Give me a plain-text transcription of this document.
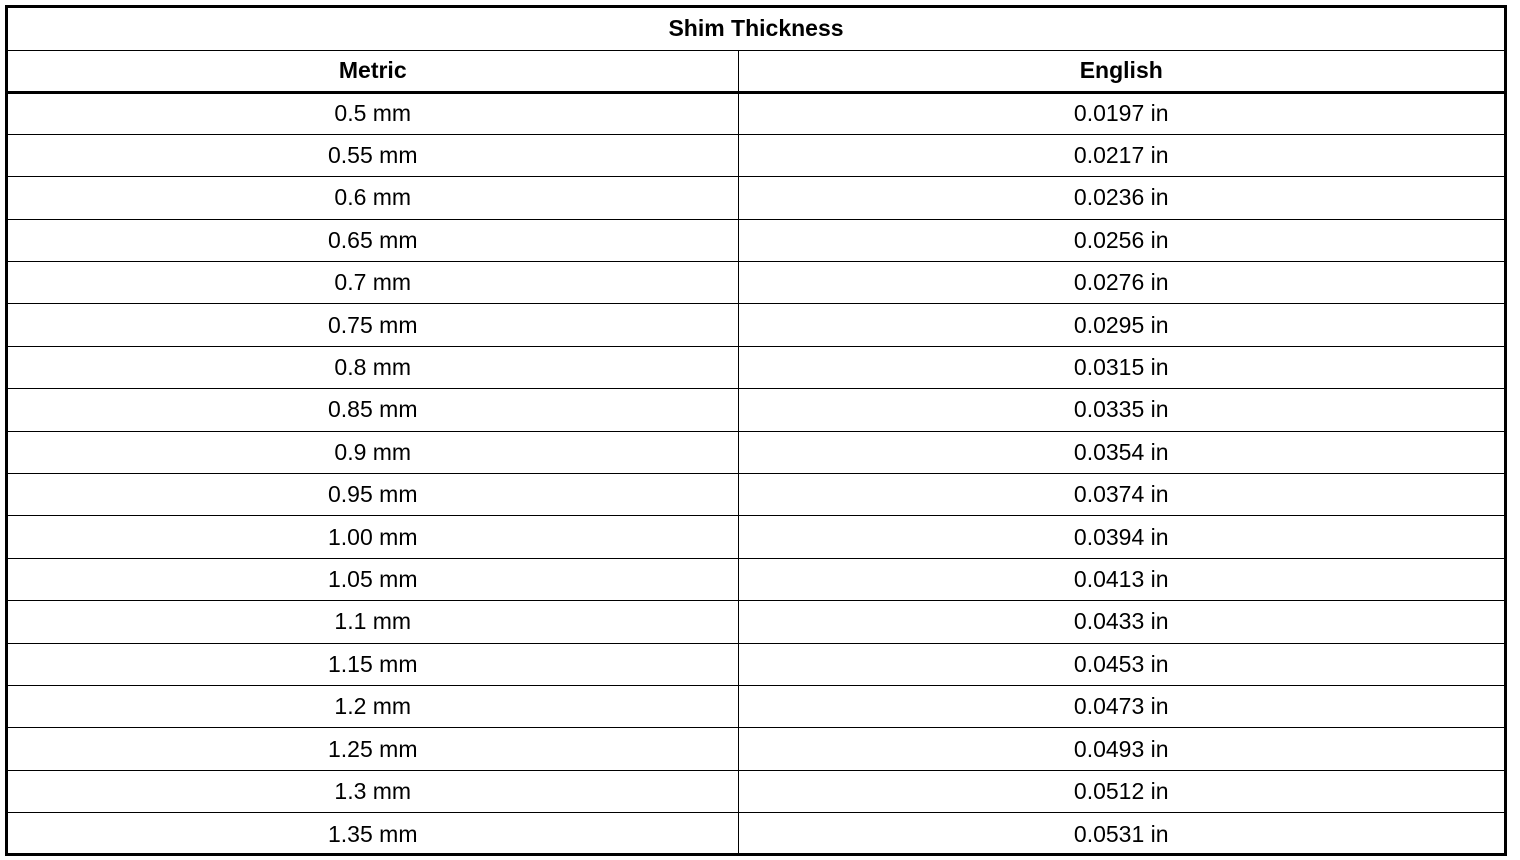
Shim Thickness	
Metric	English
0.5 mm	0.0197 in
0.55 mm	0.0217 in
0.6 mm	0.0236 in
0.65 mm	0.0256 in
0.7 mm	0.0276 in
0.75 mm	0.0295 in
0.8 mm	0.0315 in
0.85 mm	0.0335 in
0.9 mm	0.0354 in
0.95 mm	0.0374 in
1.00 mm	0.0394 in
1.05 mm	0.0413 in
1.1 mm	0.0433 in
1.15 mm	0.0453 in
1.2 mm	0.0473 in
1.25 mm	0.0493 in
1.3 mm	0.0512 in
1.35 mm	0.0531 in
